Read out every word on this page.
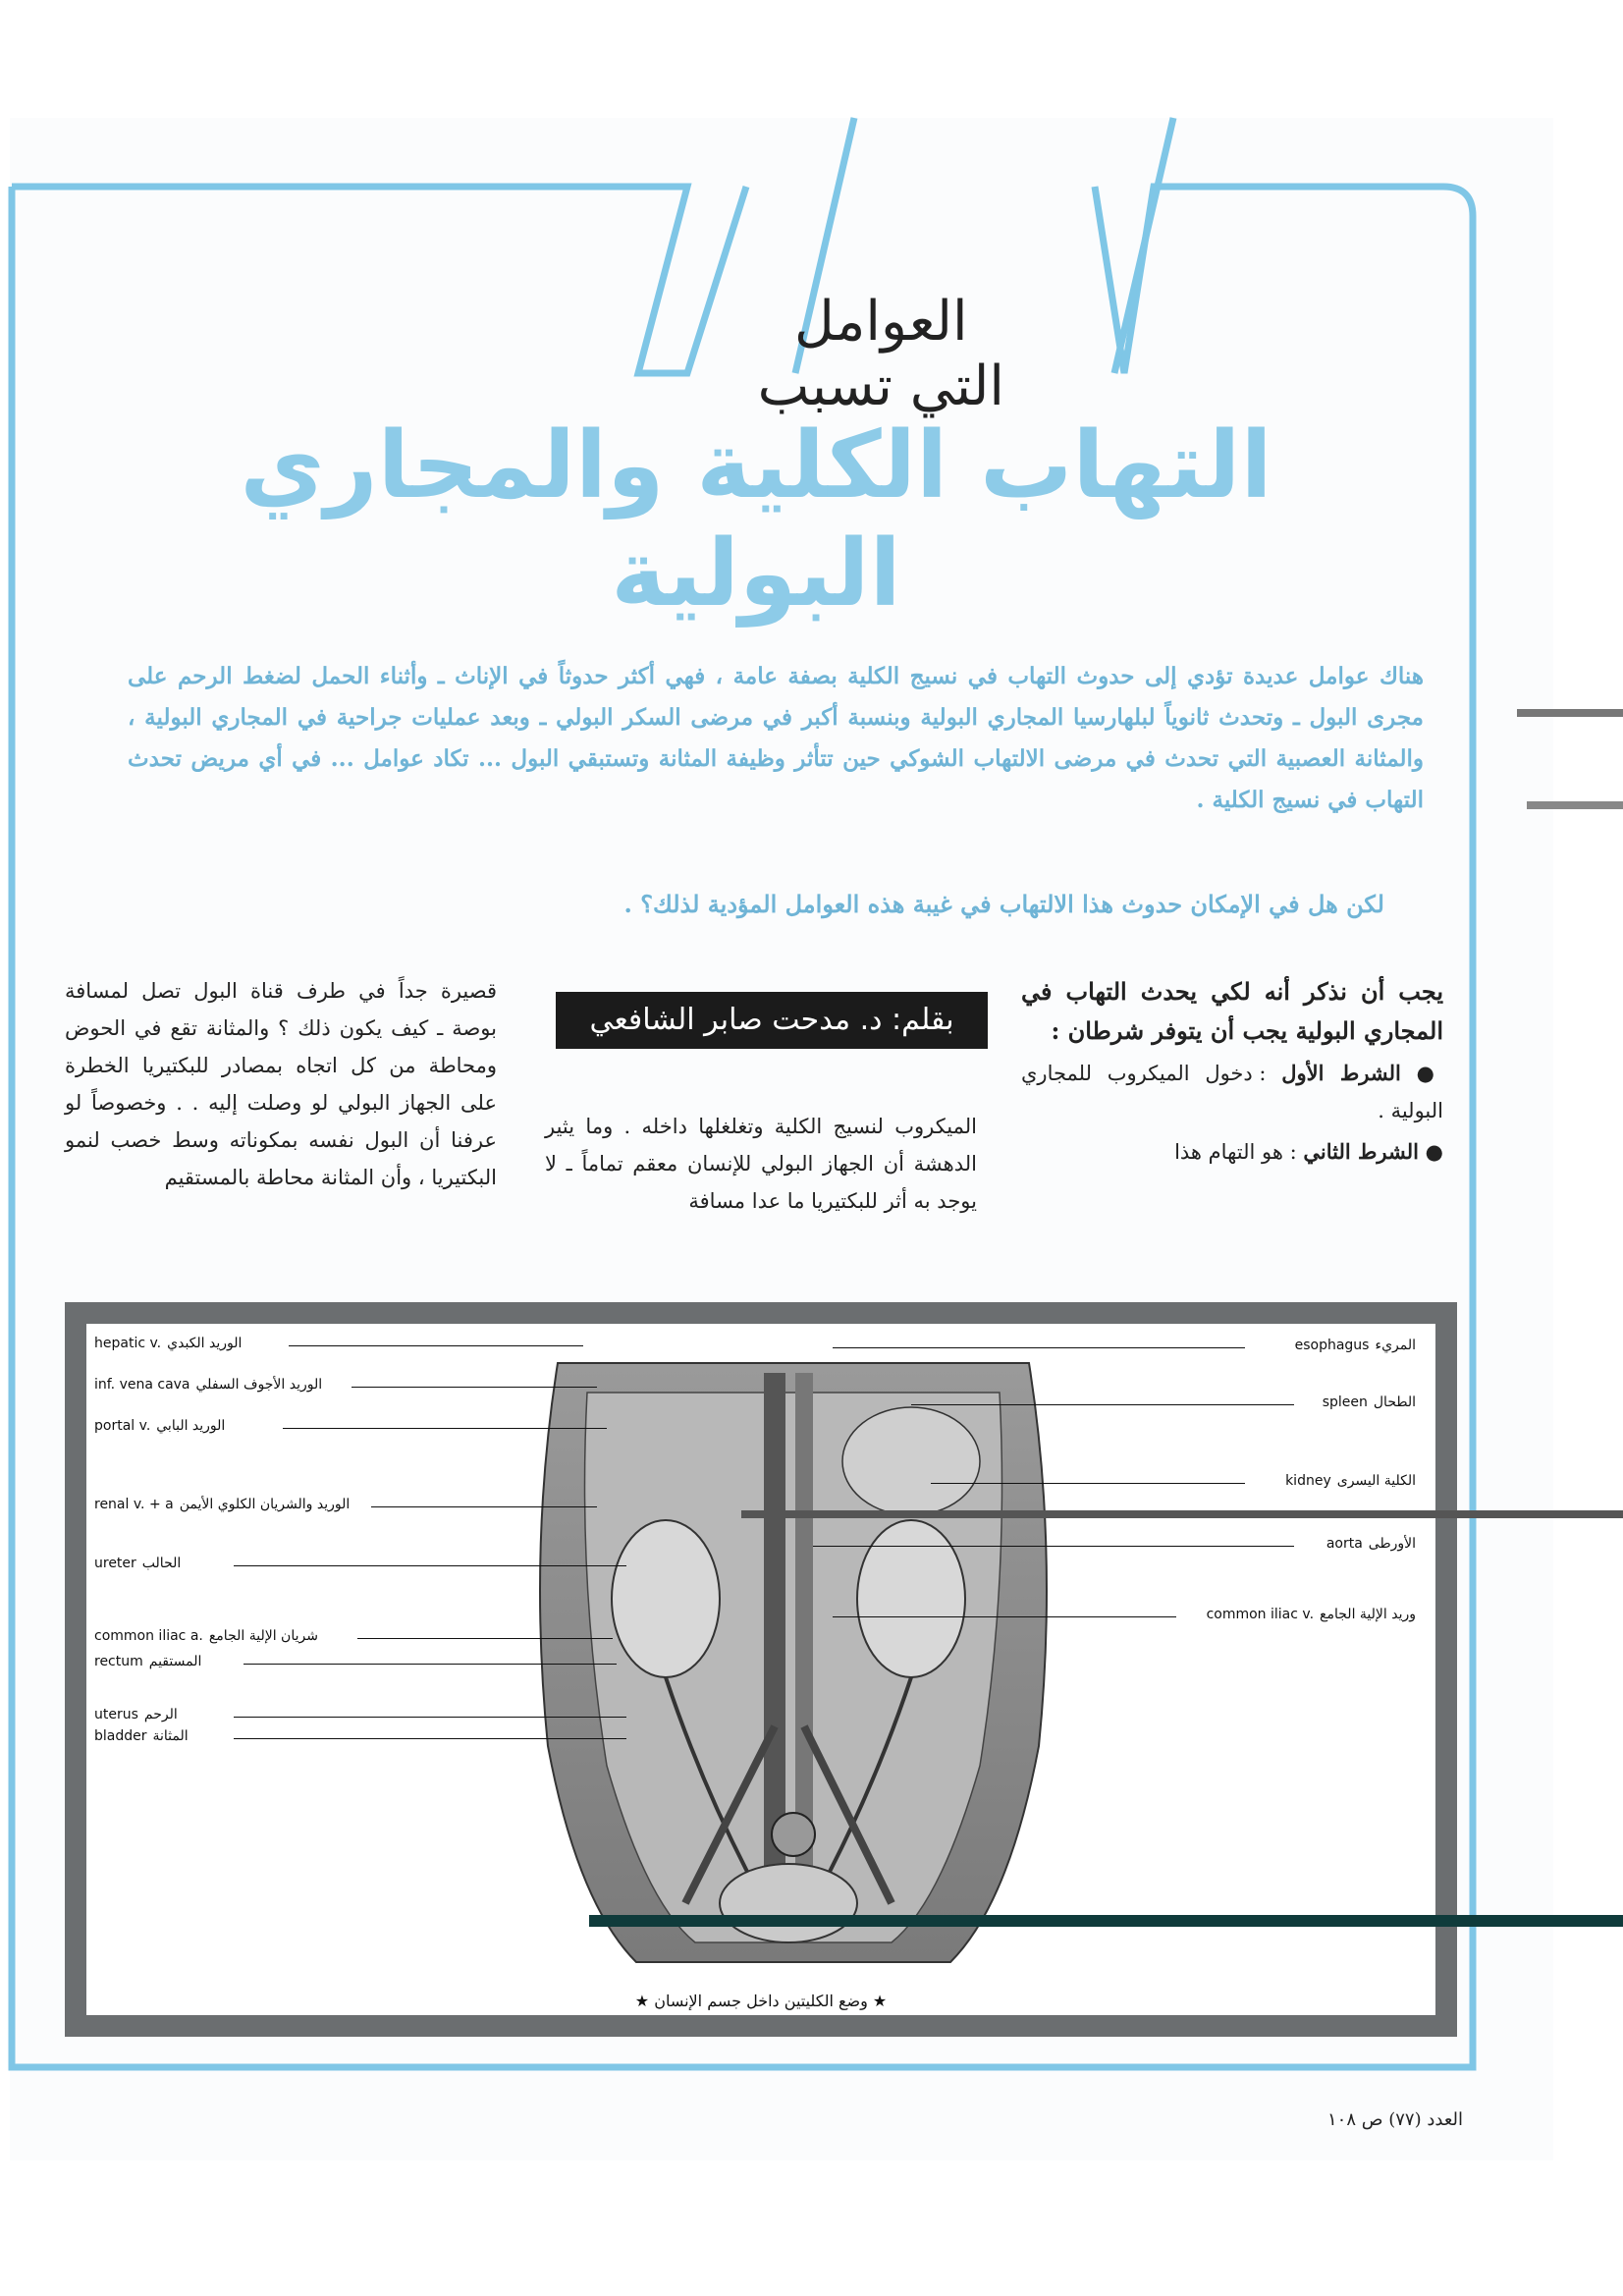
العوامل
التي تسبب
التهاب الكلية والمجاري البولية
هناك عوامل عديدة تؤدي إلى حدوث التهاب في نسيج الكلية بصفة عامة ، فهي أكثر حدوثاً في الإناث ـ وأثناء الحمل لضغط الرحم على مجرى البول ـ وتحدث ثانوياً لبلهارسيا المجاري البولية وبنسبة أكبر في مرضى السكر البولي ـ وبعد عمليات جراحية في المجاري البولية ، والمثانة العصبية التي تحدث في مرضى الالتهاب الشوكي حين تتأثر وظيفة المثانة وتستبقي البول ... تكاد عوامل ... في أي مريض تحدث التهاب في نسيج الكلية .
لكن هل في الإمكان حدوث هذا الالتهاب في غيبة هذه العوامل المؤدية لذلك؟ .
يجب أن نذكر أنه لكي يحدث التهاب في المجاري البولية يجب أن يتوفر شرطان :
● الشرط الأول : دخول الميكروب للمجاري البولية .
● الشرط الثاني : هو التهام هذا
بقلم: د. مدحت صابر الشافعي
الميكروب لنسيج الكلية وتغلغلها داخله . وما يثير الدهشة أن الجهاز البولي للإنسان معقم تماماً ـ لا يوجد به أثر للبكتيريا ما عدا مسافة
قصيرة جداً في طرف قناة البول تصل لمسافة بوصة ـ كيف يكون ذلك ؟ والمثانة تقع في الحوض ومحاطة من كل اتجاه بمصادر للبكتيريا الخطرة على الجهاز البولي لو وصلت إليه . . وخصوصاً لو عرفنا أن البول نفسه بمكوناته وسط خصب لنمو البكتيريا ، وأن المثانة محاطة بالمستقيم
hepatic v. الوريد الكبدي
inf. vena cava الوريد الأجوف السفلي
portal v. الوريد البابي
renal v. + a الوريد والشريان الكلوي الأيمن
ureter الحالب
common iliac a. شريان الإلية الجامع
rectum المستقيم
uterus الرحم
bladder المثانة
esophagus المريء
spleen الطحال
kidney الكلية اليسرى
aorta الأورطى
common iliac v. وريد الإلية الجامع
★ وضع الكليتين داخل جسم الإنسان ★
العدد (٧٧) ص ١٠٨
